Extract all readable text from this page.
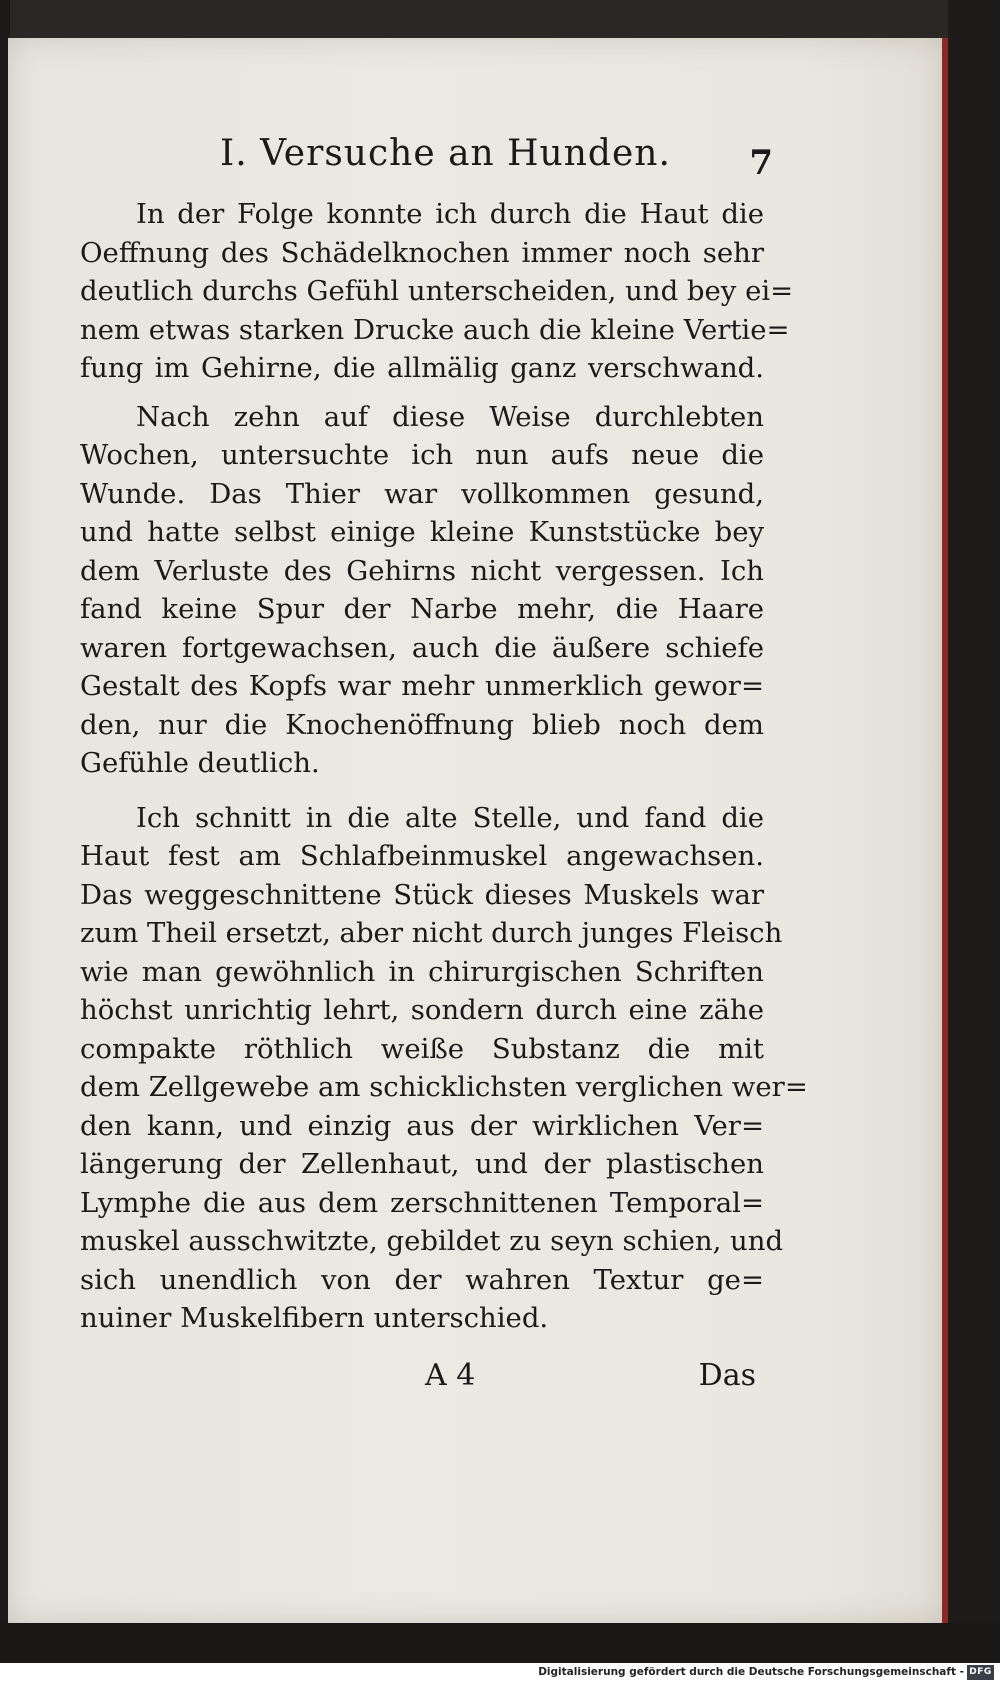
I. Versuche an Hunden. 7

In der Folge konnte ich durch die Haut die
Oeffnung des Schädelknochen immer noch sehr
deutlich durchs Gefühl unterscheiden, und bey ei=
nem etwas starken Drucke auch die kleine Vertie=
fung im Gehirne, die allmälig ganz verschwand.

Nach zehn auf diese Weise durchlebten
Wochen, untersuchte ich nun aufs neue die
Wunde. Das Thier war vollkommen gesund,
und hatte selbst einige kleine Kunststücke bey
dem Verluste des Gehirns nicht vergessen. Ich
fand keine Spur der Narbe mehr, die Haare
waren fortgewachsen, auch die äußere schiefe
Gestalt des Kopfs war mehr unmerklich gewor=
den, nur die Knochenöffnung blieb noch dem
Gefühle deutlich.

Ich schnitt in die alte Stelle, und fand die
Haut fest am Schlafbeinmuskel angewachsen.
Das weggeschnittene Stück dieses Muskels war
zum Theil ersetzt, aber nicht durch junges Fleisch
wie man gewöhnlich in chirurgischen Schriften
höchst unrichtig lehrt, sondern durch eine zähe
compakte röthlich weiße Substanz die mit
dem Zellgewebe am schicklichsten verglichen wer=
den kann, und einzig aus der wirklichen Ver=
längerung der Zellenhaut, und der plastischen
Lymphe die aus dem zerschnittenen Temporal=
muskel ausschwitzte, gebildet zu seyn schien, und
sich unendlich von der wahren Textur ge=
nuiner Muskelfibern unterschied.

A 4	Das
Digitalisierung gefördert durch die Deutsche Forschungsgemeinschaft - DFG
